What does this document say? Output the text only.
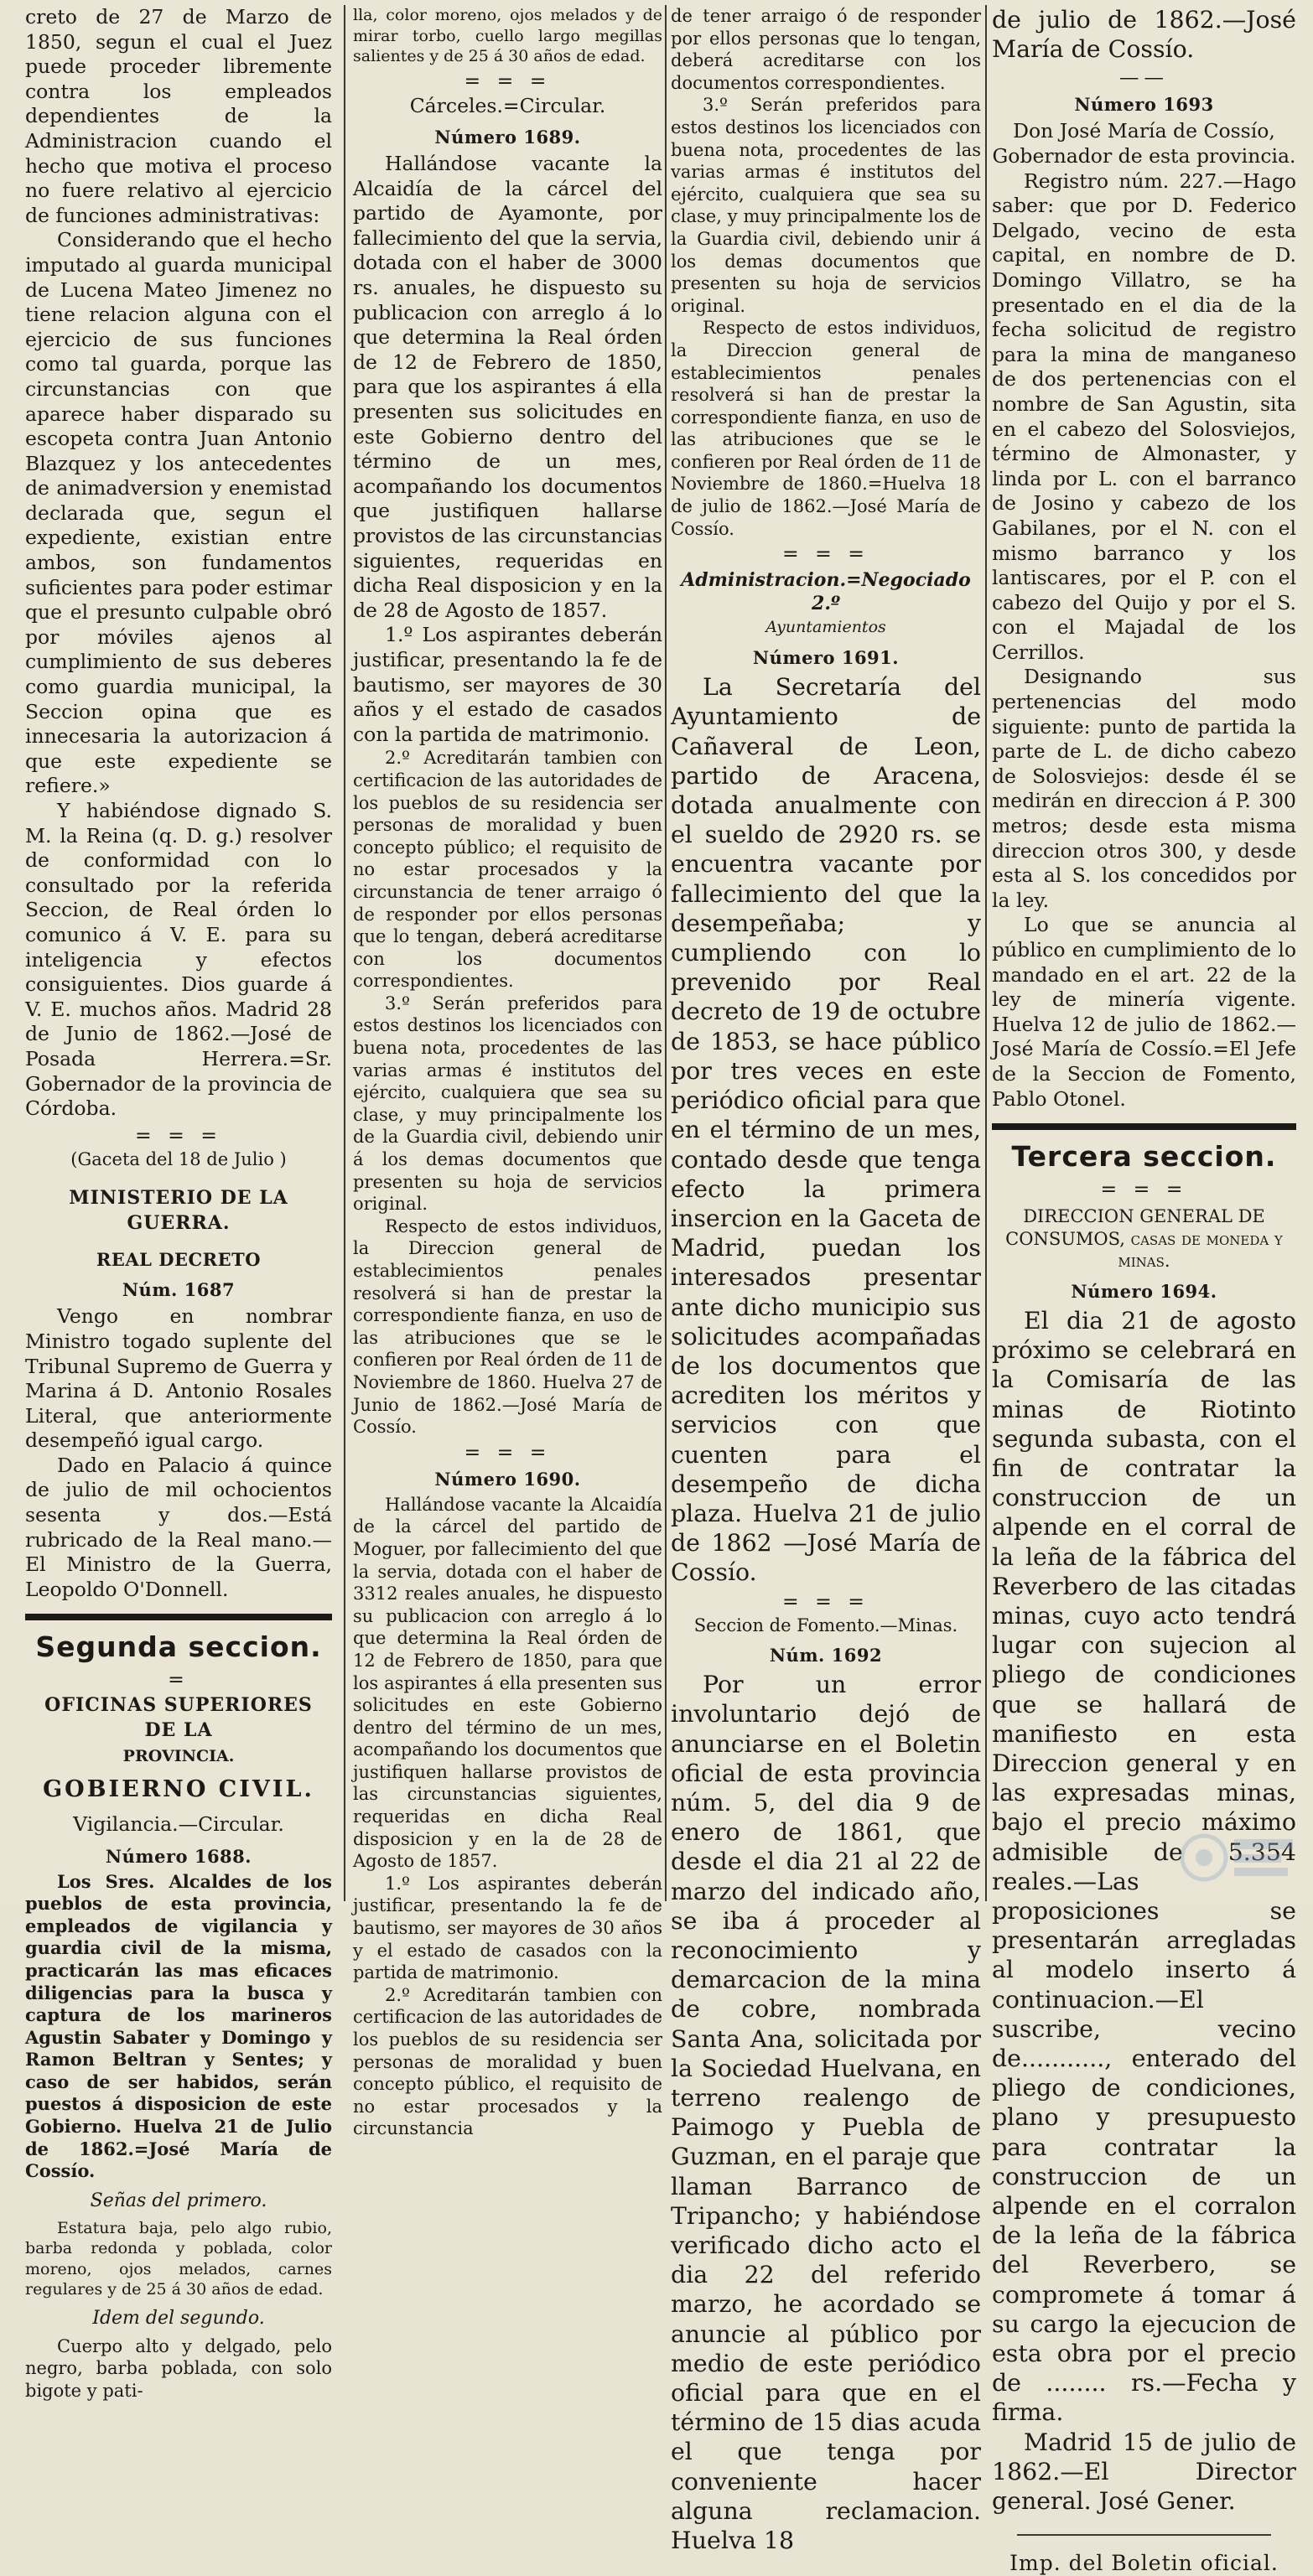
creto de 27 de Marzo de 1850, segun el cual el Juez puede proceder libremente contra los empleados dependientes de la Administracion cuando el hecho que motiva el proceso no fuere relativo al ejercicio de funciones administrativas:

Considerando que el hecho imputado al guarda municipal de Lucena Mateo Jimenez no tiene relacion alguna con el ejercicio de sus funciones como tal guarda, porque las circunstancias con que aparece haber disparado su escopeta contra Juan Antonio Blazquez y los antecedentes de animadversion y enemistad declarada que, segun el expediente, existian entre ambos, son fundamentos suficientes para poder estimar que el presunto culpable obró por móviles ajenos al cumplimiento de sus deberes como guardia municipal, la Seccion opina que es innecesaria la autorizacion á que este expediente se refiere.»

Y habiéndose dignado S. M. la Reina (q. D. g.) resolver de conformidad con lo consultado por la referida Seccion, de Real órden lo comunico á V. E. para su inteligencia y efectos consiguientes. Dios guarde á V. E. muchos años. Madrid 28 de Junio de 1862.—José de Posada Herrera.=Sr. Gobernador de la provincia de Córdoba.

= = =

(Gaceta del 18 de Julio )

MINISTERIO DE LA GUERRA.
REAL DECRETO
Núm. 1687

Vengo en nombrar Ministro togado suplente del Tribunal Supremo de Guerra y Marina á D. Antonio Rosales Literal, que anteriormente desempeñó igual cargo.

Dado en Palacio á quince de julio de mil ochocientos sesenta y dos.—Está rubricado de la Real mano.—El Ministro de la Guerra, Leopoldo O'Donnell.

Segunda seccion.
=
OFICINAS SUPERIORES DE LA
PROVINCIA.
GOBIERNO CIVIL.
Vigilancia.—Circular.
Número 1688.

Los Sres. Alcaldes de los pueblos de esta provincia, empleados de vigilancia y guardia civil de la misma, practicarán las mas eficaces diligencias para la busca y captura de los marineros Agustin Sabater y Domingo y Ramon Beltran y Sentes; y caso de ser habidos, serán puestos á disposicion de este Gobierno. Huelva 21 de Julio de 1862.=José María de Cossío.

Señas del primero.

Estatura baja, pelo algo rubio, barba redonda y poblada, color moreno, ojos melados, carnes regulares y de 25 á 30 años de edad.

Idem del segundo.

Cuerpo alto y delgado, pelo negro, barba poblada, con solo bigote y pati-

lla, color moreno, ojos melados y de mirar torbo, cuello largo megillas salientes y de 25 á 30 años de edad.

= = =
Cárceles.=Circular.
Número 1689.

Hallándose vacante la Alcaidía de la cárcel del partido de Ayamonte, por fallecimiento del que la servia, dotada con el haber de 3000 rs. anuales, he dispuesto su publicacion con arreglo á lo que determina la Real órden de 12 de Febrero de 1850, para que los aspirantes á ella presenten sus solicitudes en este Gobierno dentro del término de un mes, acompañando los documentos que justifiquen hallarse provistos de las circunstancias siguientes, requeridas en dicha Real disposicion y en la de 28 de Agosto de 1857.

1.º Los aspirantes deberán justificar, presentando la fe de bautismo, ser mayores de 30 años y el estado de casados con la partida de matrimonio.

2.º Acreditarán tambien con certificacion de las autoridades de los pueblos de su residencia ser personas de moralidad y buen concepto público; el requisito de no estar procesados y la circunstancia de tener arraigo ó de responder por ellos personas que lo tengan, deberá acreditarse con los documentos correspondientes.

3.º Serán preferidos para estos destinos los licenciados con buena nota, procedentes de las varias armas é institutos del ejército, cualquiera que sea su clase, y muy principalmente los de la Guardia civil, debiendo unir á los demas documentos que presenten su hoja de servicios original.

Respecto de estos individuos, la Direccion general de establecimientos penales resolverá si han de prestar la correspondiente fianza, en uso de las atribuciones que se le confieren por Real órden de 11 de Noviembre de 1860. Huelva 27 de Junio de 1862.—José María de Cossío.

= = =
Número 1690.

Hallándose vacante la Alcaidía de la cárcel del partido de Moguer, por fallecimiento del que la servia, dotada con el haber de 3312 reales anuales, he dispuesto su publicacion con arreglo á lo que determina la Real órden de 12 de Febrero de 1850, para que los aspirantes á ella presenten sus solicitudes en este Gobierno dentro del término de un mes, acompañando los documentos que justifiquen hallarse provistos de las circunstancias siguientes, requeridas en dicha Real disposicion y en la de 28 de Agosto de 1857.

1.º Los aspirantes deberán justificar, presentando la fe de bautismo, ser mayores de 30 años y el estado de casados con la partida de matrimonio.

2.º Acreditarán tambien con certificacion de las autoridades de los pueblos de su residencia ser personas de moralidad y buen concepto público, el requisito de no estar procesados y la circunstancia

de tener arraigo ó de responder por ellos personas que lo tengan, deberá acreditarse con los documentos correspondientes.

3.º Serán preferidos para estos destinos los licenciados con buena nota, procedentes de las varias armas é institutos del ejército, cualquiera que sea su clase, y muy principalmente los de la Guardia civil, debiendo unir á los demas documentos que presenten su hoja de servicios original.

Respecto de estos individuos, la Direccion general de establecimientos penales resolverá si han de prestar la correspondiente fianza, en uso de las atribuciones que se le confieren por Real órden de 11 de Noviembre de 1860.=Huelva 18 de julio de 1862.—José María de Cossío.

= = =
Administracion.=Negociado 2.º
Ayuntamientos
Número 1691.

La Secretaría del Ayuntamiento de Cañaveral de Leon, partido de Aracena, dotada anualmente con el sueldo de 2920 rs. se encuentra vacante por fallecimiento del que la desempeñaba; y cumpliendo con lo prevenido por Real decreto de 19 de octubre de 1853, se hace público por tres veces en este periódico oficial para que en el término de un mes, contado desde que tenga efecto la primera insercion en la Gaceta de Madrid, puedan los interesados presentar ante dicho municipio sus solicitudes acompañadas de los documentos que acrediten los méritos y servicios con que cuenten para el desempeño de dicha plaza. Huelva 21 de julio de 1862 —José María de Cossío.

= = =
Seccion de Fomento.—Minas.
Núm. 1692

Por un error involuntario dejó de anunciarse en el Boletin oficial de esta provincia núm. 5, del dia 9 de enero de 1861, que desde el dia 21 al 22 de marzo del indicado año, se iba á proceder al reconocimiento y demarcacion de la mina de cobre, nombrada Santa Ana, solicitada por la Sociedad Huelvana, en terreno realengo de Paimogo y Puebla de Guzman, en el paraje que llaman Barranco de Tripancho; y habiéndose verificado dicho acto el dia 22 del referido marzo, he acordado se anuncie al público por medio de este periódico oficial para que en el término de 15 dias acuda el que tenga por conveniente hacer alguna reclamacion. Huelva 18

de julio de 1862.—José María de Cossío.

——
Número 1693

Don José María de Cossío, Gobernador de esta provincia.

Registro núm. 227.—Hago saber: que por D. Federico Delgado, vecino de esta capital, en nombre de D. Domingo Villatro, se ha presentado en el dia de la fecha solicitud de registro para la mina de manganeso de dos pertenencias con el nombre de San Agustin, sita en el cabezo del Solosviejos, término de Almonaster, y linda por L. con el barranco de Josino y cabezo de los Gabilanes, por el N. con el mismo barranco y los lantiscares, por el P. con el cabezo del Quijo y por el S. con el Majadal de los Cerrillos.

Designando sus pertenencias del modo siguiente: punto de partida la parte de L. de dicho cabezo de Solosviejos: desde él se medirán en direccion á P. 300 metros; desde esta misma direccion otros 300, y desde esta al S. los concedidos por la ley.

Lo que se anuncia al público en cumplimiento de lo mandado en el art. 22 de la ley de minería vigente. Huelva 12 de julio de 1862.—José María de Cossío.=El Jefe de la Seccion de Fomento, Pablo Otonel.

Tercera seccion.
= = =
DIRECCION GENERAL DE CONSUMOS, casas de moneda y minas.
Número 1694.

El dia 21 de agosto próximo se celebrará en la Comisaría de las minas de Riotinto segunda subasta, con el fin de contratar la construccion de un alpende en el corral de la leña de la fábrica del Reverbero de las citadas minas, cuyo acto tendrá lugar con sujecion al pliego de condiciones que se hallará de manifiesto en esta Direccion general y en las expresadas minas, bajo el precio máximo admisible de 5.354 reales.—Las proposiciones se presentarán arregladas al modelo inserto á continuacion.—El suscribe, vecino de..........., enterado del pliego de condiciones, plano y presupuesto para contratar la construccion de un alpende en el corralon de la leña de la fábrica del Reverbero, se compromete á tomar á su cargo la ejecucion de esta obra por el precio de ........ rs.—Fecha y firma.

Madrid 15 de julio de 1862.—El Director general. José Gener.

Imp. del Boletin oficial.
